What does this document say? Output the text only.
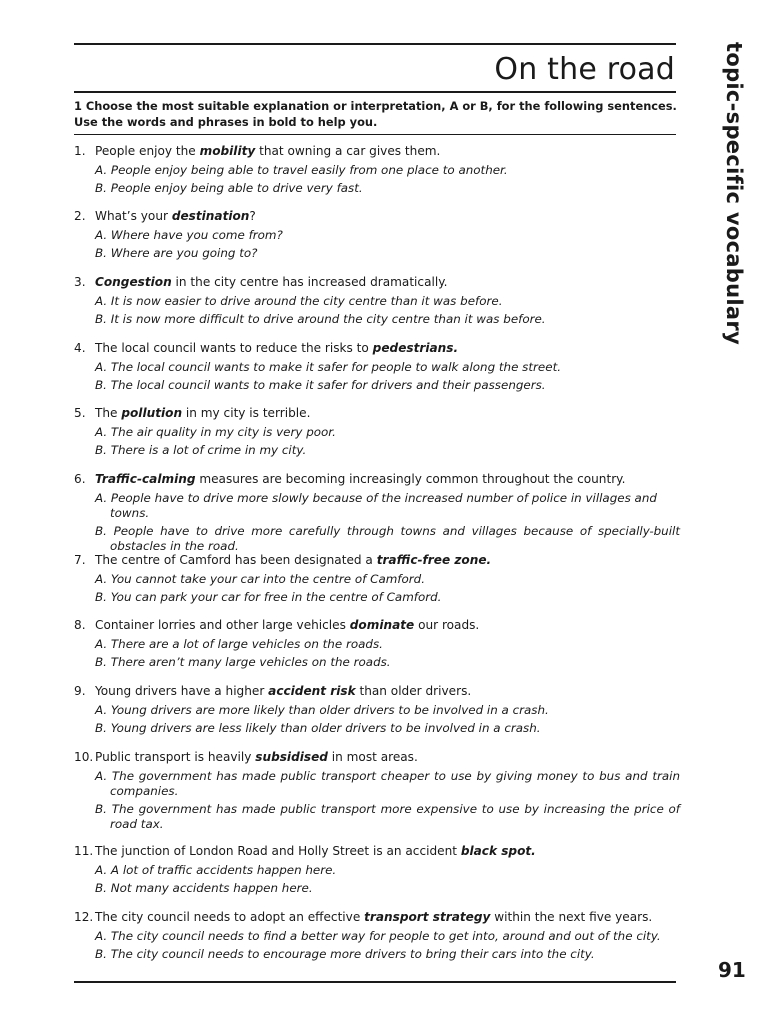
On the road topic-specific vocabulary
1 Choose the most suitable explanation or interpretation, A or B, for the following sentences. Use the words and phrases in bold to help you.
1. People enjoy the mobility that owning a car gives them.
A. People enjoy being able to travel easily from one place to another.
B. People enjoy being able to drive very fast.
2. What’s your destination?
A. Where have you come from?
B. Where are you going to?
3. Congestion in the city centre has increased dramatically.
A. It is now easier to drive around the city centre than it was before.
B. It is now more difficult to drive around the city centre than it was before.
4. The local council wants to reduce the risks to pedestrians.
A. The local council wants to make it safer for people to walk along the street.
B. The local council wants to make it safer for drivers and their passengers.
5. The pollution in my city is terrible.
A. The air quality in my city is very poor.
B. There is a lot of crime in my city.
6. Traffic-calming measures are becoming increasingly common throughout the country.
A. People have to drive more slowly because of the increased number of police in villages and towns.
B. People have to drive more carefully through towns and villages because of specially-built obstacles in the road.
7. The centre of Camford has been designated a traffic-free zone.
A. You cannot take your car into the centre of Camford.
B. You can park your car for free in the centre of Camford.
8. Container lorries and other large vehicles dominate our roads.
A. There are a lot of large vehicles on the roads.
B. There aren’t many large vehicles on the roads.
9. Young drivers have a higher accident risk than older drivers.
A. Young drivers are more likely than older drivers to be involved in a crash.
B. Young drivers are less likely than older drivers to be involved in a crash.
10. Public transport is heavily subsidised in most areas.
A. The government has made public transport cheaper to use by giving money to bus and train companies.
B. The government has made public transport more expensive to use by increasing the price of road tax.
11. The junction of London Road and Holly Street is an accident black spot.
A. A lot of traffic accidents happen here.
B. Not many accidents happen here.
12. The city council needs to adopt an effective transport strategy within the next five years.
A. The city council needs to find a better way for people to get into, around and out of the city.
B. The city council needs to encourage more drivers to bring their cars into the city.
91
